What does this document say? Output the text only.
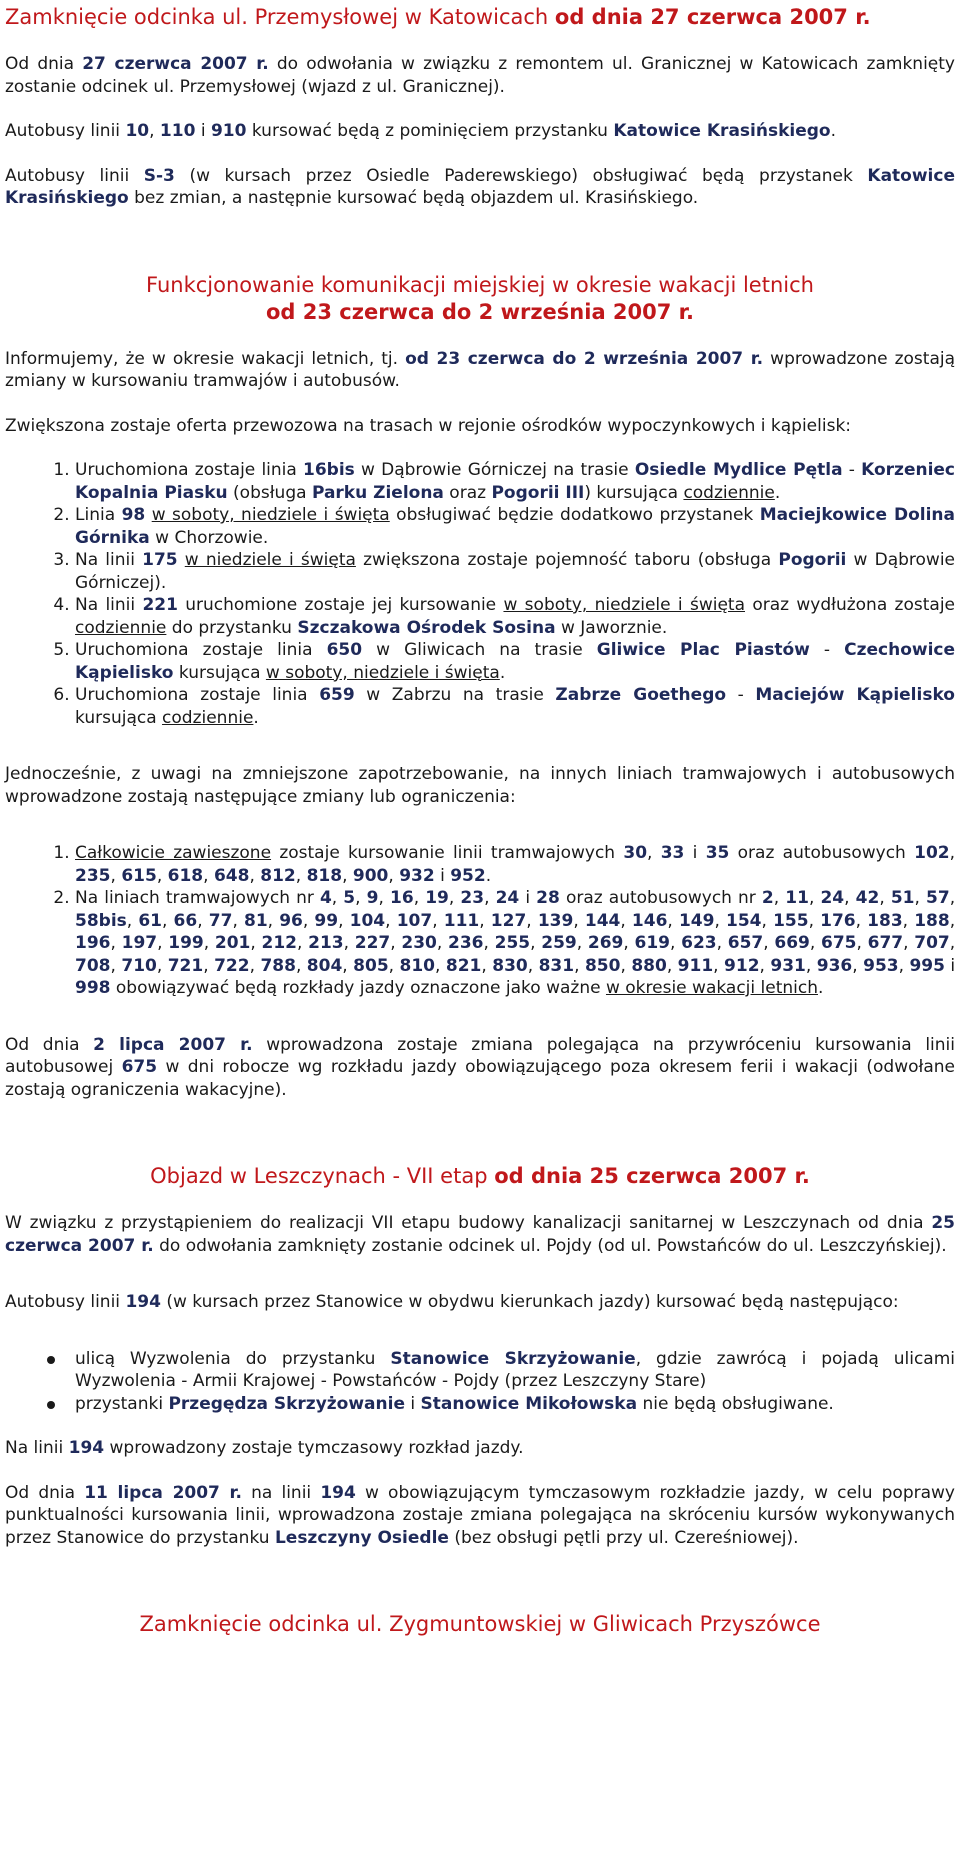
Zamknięcie odcinka ul. Przemysłowej w Katowicach od dnia 27 czerwca 2007 r.

Od dnia 27 czerwca 2007 r. do odwołania w związku z remontem ul. Granicznej w Katowicach zamknięty zostanie odcinek ul. Przemysłowej (wjazd z ul. Granicznej).

Autobusy linii 10, 110 i 910 kursować będą z pominięciem przystanku Katowice Krasińskiego.

Autobusy linii S-3 (w kursach przez Osiedle Paderewskiego) obsługiwać będą przystanek Katowice Krasińskiego bez zmian, a następnie kursować będą objazdem ul. Krasińskiego.

Funkcjonowanie komunikacji miejskiej w okresie wakacji letnich
od 23 czerwca do 2 września 2007 r.

Informujemy, że w okresie wakacji letnich, tj. od 23 czerwca do 2 września 2007 r. wprowadzone zostają zmiany w kursowaniu tramwajów i autobusów.

Zwiększona zostaje oferta przewozowa na trasach w rejonie ośrodków wypoczynkowych i kąpielisk:

1. Uruchomiona zostaje linia 16bis w Dąbrowie Górniczej na trasie Osiedle Mydlice Pętla - Korzeniec Kopalnia Piasku (obsługa Parku Zielona oraz Pogorii III) kursująca codziennie.
2. Linia 98 w soboty, niedziele i święta obsługiwać będzie dodatkowo przystanek Maciejkowice Dolina Górnika w Chorzowie.
3. Na linii 175 w niedziele i święta zwiększona zostaje pojemność taboru (obsługa Pogorii w Dąbrowie Górniczej).
4. Na linii 221 uruchomione zostaje jej kursowanie w soboty, niedziele i święta oraz wydłużona zostaje codziennie do przystanku Szczakowa Ośrodek Sosina w Jaworznie.
5. Uruchomiona zostaje linia 650 w Gliwicach na trasie Gliwice Plac Piastów - Czechowice Kąpielisko kursująca w soboty, niedziele i święta.
6. Uruchomiona zostaje linia 659 w Zabrzu na trasie Zabrze Goethego - Maciejów Kąpielisko kursująca codziennie.

Jednocześnie, z uwagi na zmniejszone zapotrzebowanie, na innych liniach tramwajowych i autobusowych wprowadzone zostają następujące zmiany lub ograniczenia:

1. Całkowicie zawieszone zostaje kursowanie linii tramwajowych 30, 33 i 35 oraz autobusowych 102, 235, 615, 618, 648, 812, 818, 900, 932 i 952.
2. Na liniach tramwajowych nr 4, 5, 9, 16, 19, 23, 24 i 28 oraz autobusowych nr 2, 11, 24, 42, 51, 57, 58bis, 61, 66, 77, 81, 96, 99, 104, 107, 111, 127, 139, 144, 146, 149, 154, 155, 176, 183, 188, 196, 197, 199, 201, 212, 213, 227, 230, 236, 255, 259, 269, 619, 623, 657, 669, 675, 677, 707, 708, 710, 721, 722, 788, 804, 805, 810, 821, 830, 831, 850, 880, 911, 912, 931, 936, 953, 995 i 998 obowiązywać będą rozkłady jazdy oznaczone jako ważne w okresie wakacji letnich.

Od dnia 2 lipca 2007 r. wprowadzona zostaje zmiana polegająca na przywróceniu kursowania linii autobusowej 675 w dni robocze wg rozkładu jazdy obowiązującego poza okresem ferii i wakacji (odwołane zostają ograniczenia wakacyjne).

Objazd w Leszczynach - VII etap od dnia 25 czerwca 2007 r.

W związku z przystąpieniem do realizacji VII etapu budowy kanalizacji sanitarnej w Leszczynach od dnia 25 czerwca 2007 r. do odwołania zamknięty zostanie odcinek ul. Pojdy (od ul. Powstańców do ul. Leszczyńskiej).

Autobusy linii 194 (w kursach przez Stanowice w obydwu kierunkach jazdy) kursować będą następująco:

ulicą Wyzwolenia do przystanku Stanowice Skrzyżowanie, gdzie zawrócą i pojadą ulicami Wyzwolenia - Armii Krajowej - Powstańców - Pojdy (przez Leszczyny Stare)
przystanki Przegędza Skrzyżowanie i Stanowice Mikołowska nie będą obsługiwane.

Na linii 194 wprowadzony zostaje tymczasowy rozkład jazdy.

Od dnia 11 lipca 2007 r. na linii 194 w obowiązującym tymczasowym rozkładzie jazdy, w celu poprawy punktualności kursowania linii, wprowadzona zostaje zmiana polegająca na skróceniu kursów wykonywanych przez Stanowice do przystanku Leszczyny Osiedle (bez obsługi pętli przy ul. Czereśniowej).

Zamknięcie odcinka ul. Zygmuntowskiej w Gliwicach Przyszówce
